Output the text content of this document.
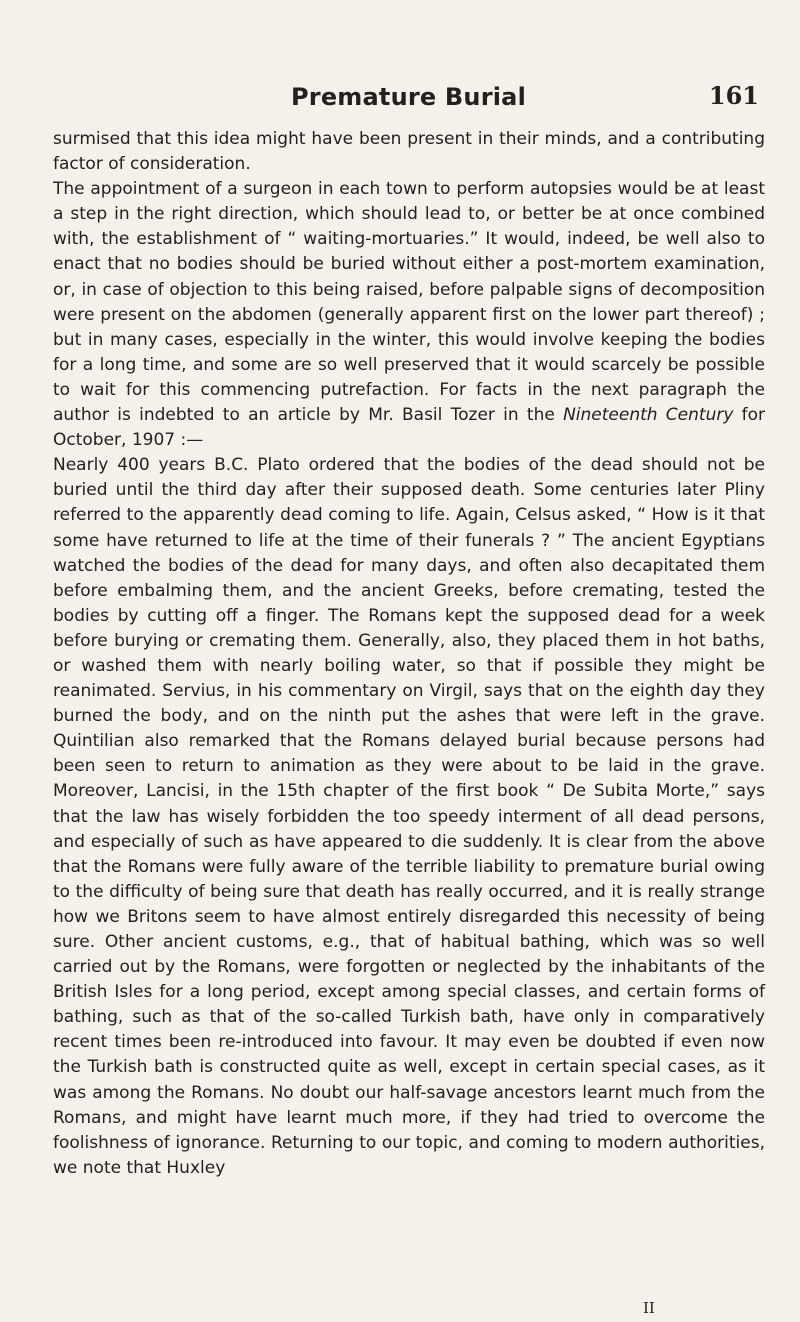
Premature Burial	161

surmised that this idea might have been present in their minds, and a contributing factor of consideration.

The appointment of a surgeon in each town to perform autopsies would be at least a step in the right direction, which should lead to, or better be at once combined with, the establishment of “ waiting-mortuaries.” It would, indeed, be well also to enact that no bodies should be buried without either a post-mortem examination, or, in case of objection to this being raised, before palpable signs of decomposition were present on the abdomen (generally apparent first on the lower part thereof) ; but in many cases, especially in the winter, this would involve keeping the bodies for a long time, and some are so well preserved that it would scarcely be possible to wait for this commencing putrefaction. For facts in the next paragraph the author is indebted to an article by Mr. Basil Tozer in the Nineteenth Century for October, 1907 :—

Nearly 400 years B.C. Plato ordered that the bodies of the dead should not be buried until the third day after their supposed death. Some centuries later Pliny referred to the apparently dead coming to life. Again, Celsus asked, “ How is it that some have returned to life at the time of their funerals ? ” The ancient Egyptians watched the bodies of the dead for many days, and often also decapitated them before embalming them, and the ancient Greeks, before cremating, tested the bodies by cutting off a finger. The Romans kept the supposed dead for a week before burying or cremating them. Generally, also, they placed them in hot baths, or washed them with nearly boiling water, so that if possible they might be reanimated. Servius, in his commentary on Virgil, says that on the eighth day they burned the body, and on the ninth put the ashes that were left in the grave. Quintilian also remarked that the Romans delayed burial because persons had been seen to return to animation as they were about to be laid in the grave. Moreover, Lancisi, in the 15th chapter of the first book “ De Subita Morte,” says that the law has wisely forbidden the too speedy interment of all dead persons, and especially of such as have appeared to die suddenly. It is clear from the above that the Romans were fully aware of the terrible liability to premature burial owing to the difficulty of being sure that death has really occurred, and it is really strange how we Britons seem to have almost entirely disregarded this necessity of being sure. Other ancient customs, e.g., that of habitual bathing, which was so well carried out by the Romans, were forgotten or neglected by the inhabitants of the British Isles for a long period, except among special classes, and certain forms of bathing, such as that of the so-called Turkish bath, have only in comparatively recent times been re-introduced into favour. It may even be doubted if even now the Turkish bath is constructed quite as well, except in certain special cases, as it was among the Romans. No doubt our half-savage ancestors learnt much from the Romans, and might have learnt much more, if they had tried to overcome the foolishness of ignorance. Returning to our topic, and coming to modern authorities, we note that Huxley

II
